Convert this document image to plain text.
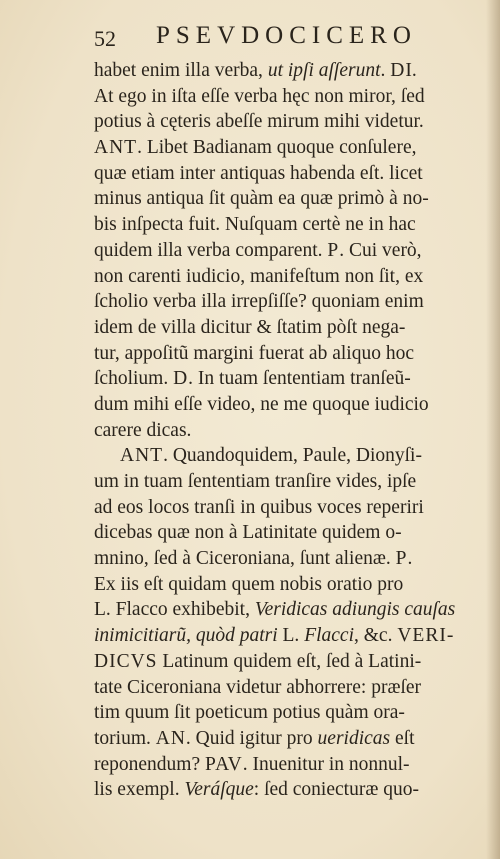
52 PSEVDOCICERO
habet enim illa verba, ut ipſi aſſerunt. DI.
At ego in iſta eſſe verba hęc non miror, ſed
potius à cęteris abeſſe mirum mihi videtur.
ANT. Libet Badianam quoque conſulere,
quæ etiam inter antiquas habenda eſt. licet
minus antiqua ſit quàm ea quæ primò à no-
bis inſpecta fuit. Nuſquam certè ne in hac
quidem illa verba comparent. P. Cui verò,
non carenti iudicio, manifeſtum non ſit, ex
ſcholio verba illa irrepſiſſe? quoniam enim
idem de villa dicitur & ſtatim pòſt nega-
tur, appoſitũ margini fuerat ab aliquo hoc
ſcholium. D. In tuam ſententiam tranſeũ-
dum mihi eſſe video, ne me quoque iudicio
carere dicas.
ANT. Quandoquidem, Paule, Dionyſi-
um in tuam ſententiam tranſire vides, ipſe
ad eos locos tranſi in quibus voces reperiri
dicebas quæ non à Latinitate quidem o-
mnino, ſed à Ciceroniana, ſunt alienæ. P.
Ex iis eſt quidam quem nobis oratio pro
L. Flacco exhibebit, Veridicas adiungis cauſas
inimicitiarũ, quòd patri L. Flacci, &c. VERI-
DICVS Latinum quidem eſt, ſed à Latini-
tate Ciceroniana videtur abhorrere: præſer
tim quum ſit poeticum potius quàm ora-
torium. AN. Quid igitur pro ueridicas eſt
reponendum? PAV. Inuenitur in nonnul-
lis exempl. Veráſque: ſed coniecturæ quo-
